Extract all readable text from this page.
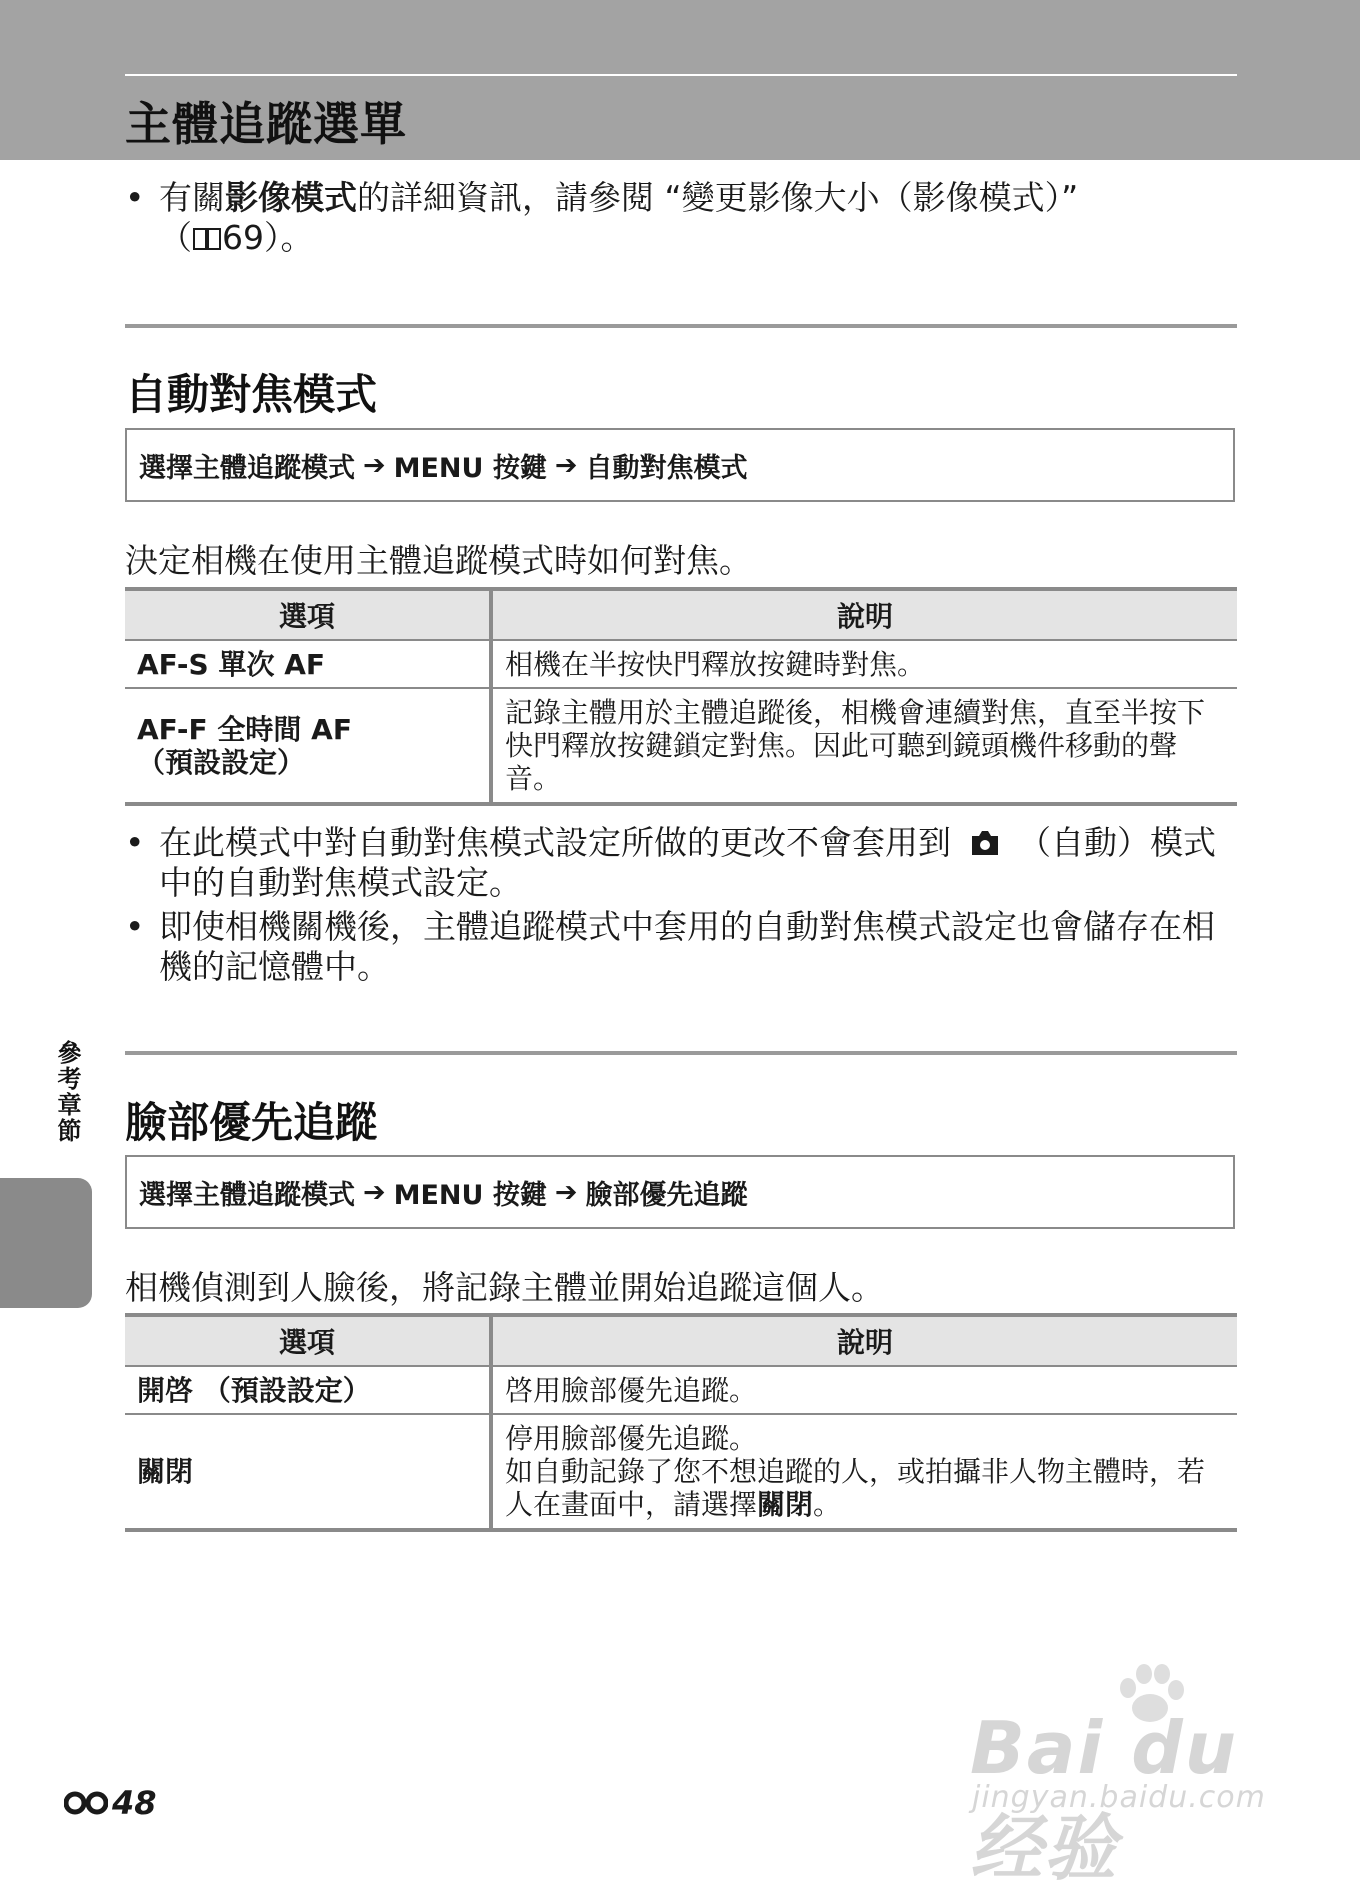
主體追蹤選單
• 有關影像模式的詳細資訊，請參閱 “變更影像大小（影像模式）”
（ 69）。
自動對焦模式
選擇主體追蹤模式 ➔ MENU 按鍵 ➔ 自動對焦模式
決定相機在使用主體追蹤模式時如何對焦。
選項	說明
AF-S 單次 AF	相機在半按快門釋放按鍵時對焦。

AF-F 全時間 AF
（預設設定）	記錄主體用於主體追蹤後，相機會連續對焦，直至半按下快門釋放按鍵鎖定對焦。因此可聽到鏡頭機件移動的聲音。
• 在此模式中對自動對焦模式設定所做的更改不會套用到 （自動）模式中的自動對焦模式設定。
• 即使相機關機後，主體追蹤模式中套用的自動對焦模式設定也會儲存在相機的記憶體中。
臉部優先追蹤
選擇主體追蹤模式 ➔ MENU 按鍵 ➔ 臉部優先追蹤
相機偵測到人臉後，將記錄主體並開始追蹤這個人。
選項	說明
開啓 （預設設定）	啓用臉部優先追蹤。
關閉	停用臉部優先追蹤。
如自動記錄了您不想追蹤的人，或拍攝非人物主體時，若人在畫面中，請選擇關閉。
參考章節
48
Bai du 经验
jingyan.baidu.com
